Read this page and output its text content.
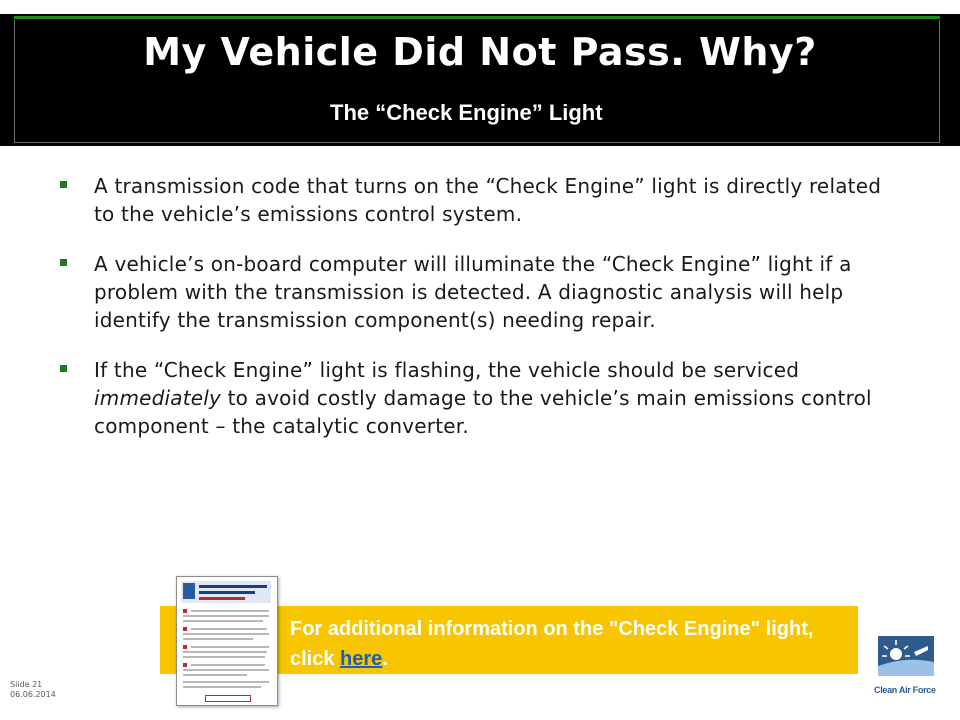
My Vehicle Did Not Pass. Why?
The “Check Engine” Light
A transmission code that turns on the “Check Engine” light is directly related to the vehicle’s emissions control system.
A vehicle’s on-board computer will illuminate the “Check Engine” light if a problem with the transmission is detected. A diagnostic analysis will help identify the transmission component(s) needing repair.
If the “Check Engine” light is flashing, the vehicle should be serviced immediately to avoid costly damage to the vehicle’s main emissions control component – the catalytic converter.

For additional information on the "Check Engine" light, click here.

Slide 21
06.06.2014	Clean Air Force
